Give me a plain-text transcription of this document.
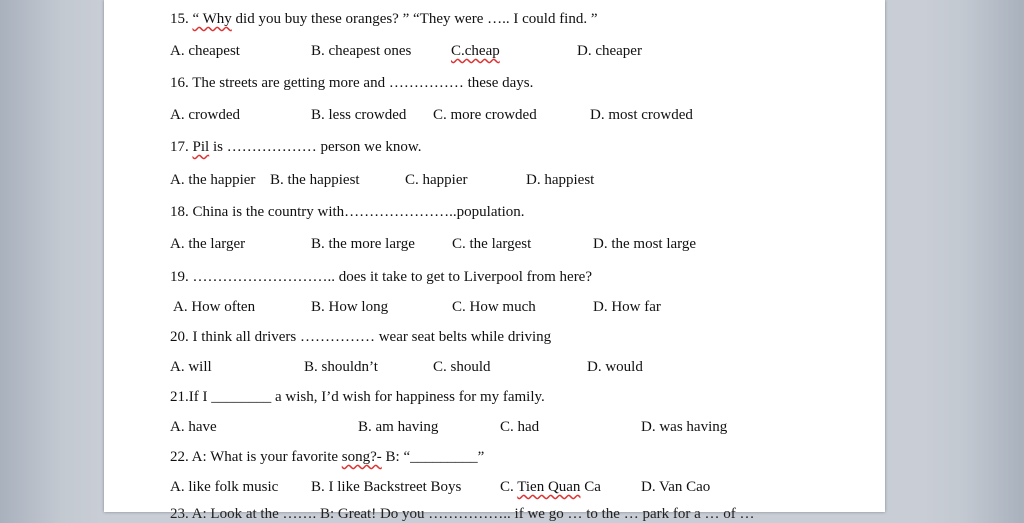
15. “ Why did you buy these oranges? ” “They were ….. I could find. ”
A. cheapest	B. cheapest ones	C.cheap	D. cheaper
16. The streets are getting more and …………… these days.
A. crowded	B. less crowded C. more crowded	D. most crowded
17. Pil is ……………… person we know.
A. the happier B. the happiest	C. happier	D. happiest
18. China is the country with…………………..population.
A. the larger	B. the more large C. the largest	D. the most large
19. ……………………….. does it take to get to Liverpool from here?
A. How often	B. How long	C. How much	D. How far
20. I think all drivers …………… wear seat belts while driving
A. will	B. shouldn’t	C. should	D. would
21.If I ________ a wish, I’d wish for happiness for my family.
A. have	B. am having	C. had	D. was having
22. A: What is your favorite song?- B: “_________”
A. like folk music B. I like Backstreet Boys	C. Tien Quan Ca	D. Van Cao
23. A: Look at the ……. B: Great! Do you …………….. if we go … to the … park for a … of …
